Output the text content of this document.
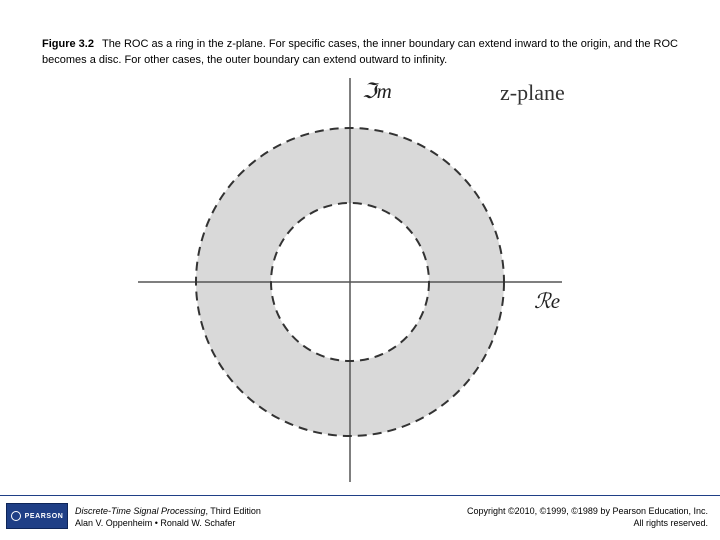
Figure 3.2 The ROC as a ring in the z-plane. For specific cases, the inner boundary can extend inward to the origin, and the ROC becomes a disc. For other cases, the outer boundary can extend outward to infinity.
ℑm	z-plane
ℛe
PEARSON Discrete-Time Signal Processing, Third Edition
Alan V. Oppenheim • Ronald W. Schafer
Copyright ©2010, ©1999, ©1989 by Pearson Education, Inc.
All rights reserved.
